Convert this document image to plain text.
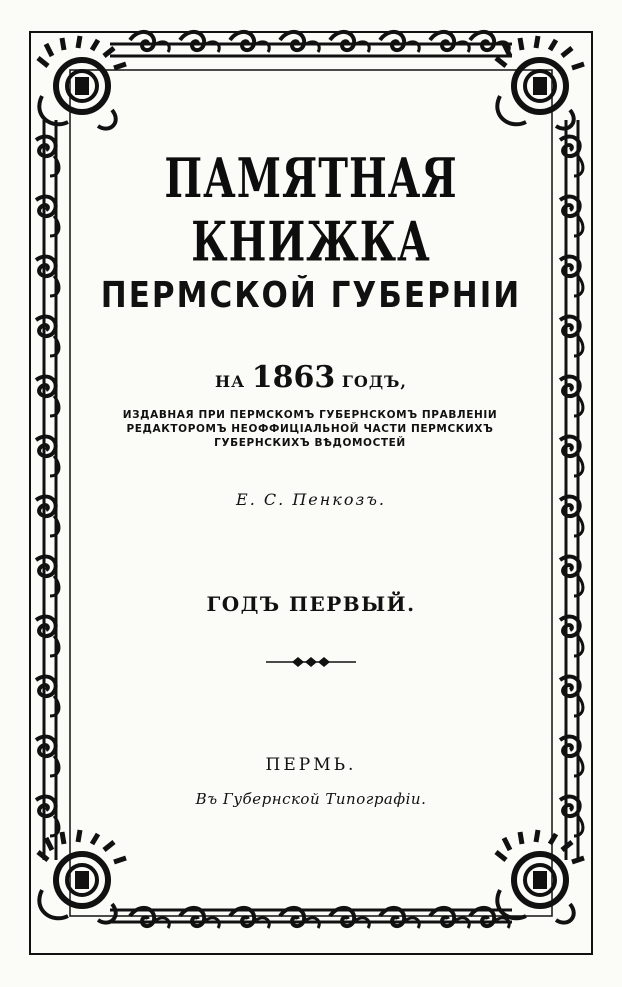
ПАМЯТНАЯ КНИЖКА
ПЕРМСКОЙ ГУБЕРНІИ
НА 1863 ГОДЪ,
ИЗДАВНАЯ ПРИ ПЕРМСКОМЪ ГУБЕРНСКОМЪ ПРАВЛЕНІИ РЕДАКТОРОМЪ НЕОФФИЦІАЛЬНОЙ ЧАСТИ ПЕРМСКИХЪ ГУБЕРНСКИХЪ ВѢДОМОСТЕЙ
Е. С. Пенкозъ.
ГОДЪ ПЕРВЫЙ.
ПЕРМЬ.
Въ Губернской Типографіи.
